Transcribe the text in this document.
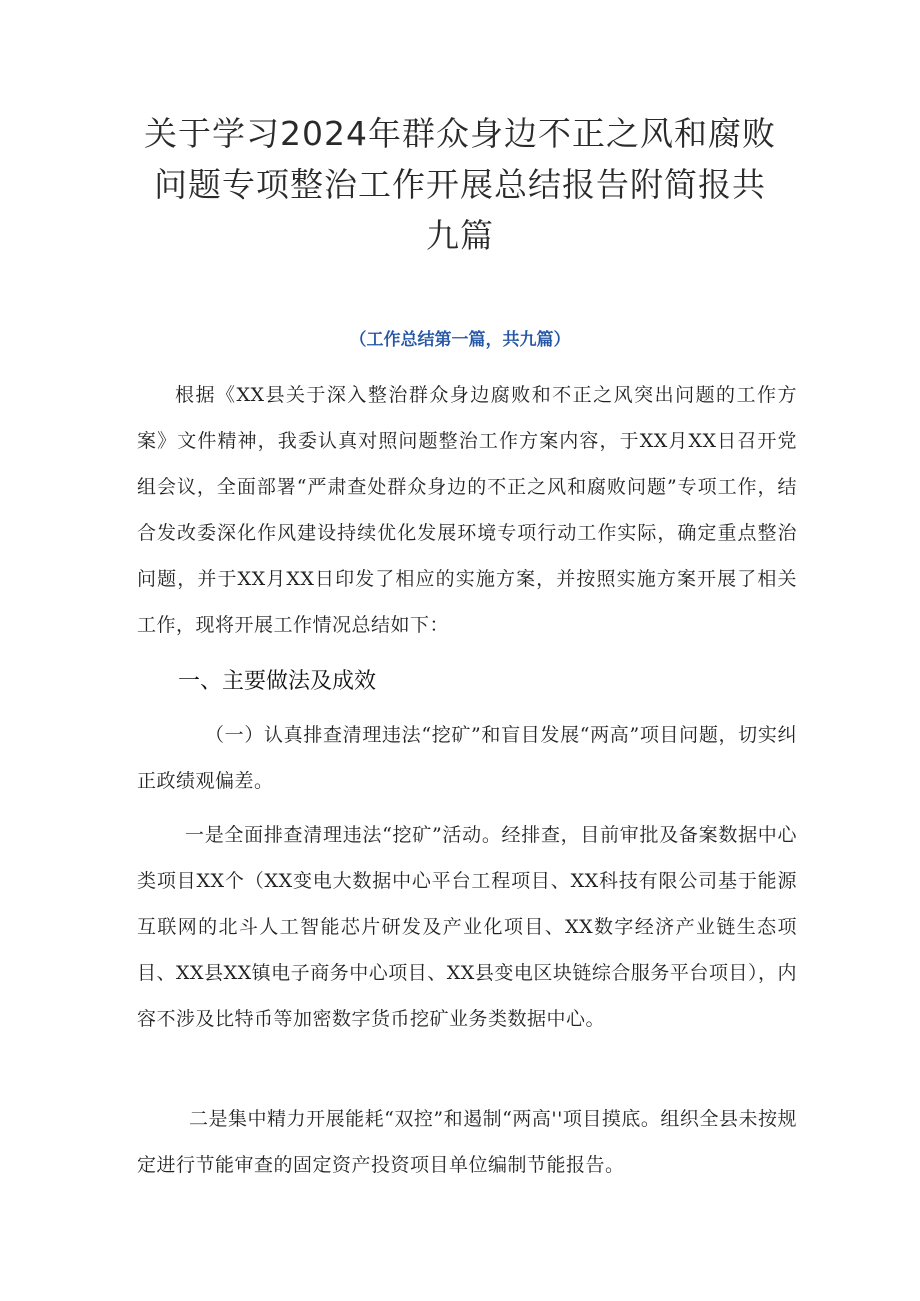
关于学习2024年群众身边不正之风和腐败问题专项整治工作开展总结报告附简报共九篇

（工作总结第一篇，共九篇）

根据《XX县关于深入整治群众身边腐败和不正之风突出问题的工作方案》文件精神，我委认真对照问题整治工作方案内容，于XX月XX日召开党组会议，全面部署“严肃查处群众身边的不正之风和腐败问题”专项工作，结合发改委深化作风建设持续优化发展环境专项行动工作实际，确定重点整治问题，并于XX月XX日印发了相应的实施方案，并按照实施方案开展了相关工作，现将开展工作情况总结如下：

一、主要做法及成效

（一）认真排查清理违法“挖矿”和盲目发展“两高”项目问题，切实纠正政绩观偏差。

一是全面排查清理违法“挖矿”活动。经排查，目前审批及备案数据中心类项目XX个（XX变电大数据中心平台工程项目、XX科技有限公司基于能源互联网的北斗人工智能芯片研发及产业化项目、XX数字经济产业链生态项目、XX县XX镇电子商务中心项目、XX县变电区块链综合服务平台项目），内容不涉及比特币等加密数字货币挖矿业务类数据中心。

二是集中精力开展能耗“双控”和遏制“两高''项目摸底。组织全县未按规定进行节能审查的固定资产投资项目单位编制节能报告。
